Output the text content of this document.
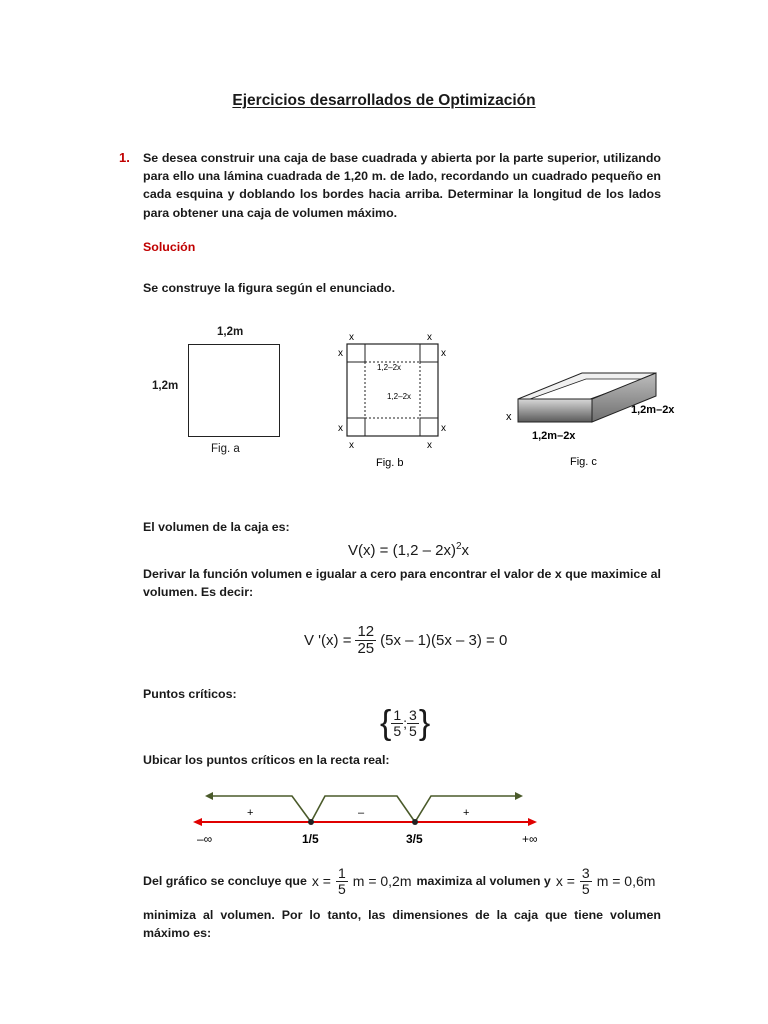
Ejercicios desarrollados de Optimización
1. Se desea construir una caja de base cuadrada y abierta por la parte superior, utilizando para ello una lámina cuadrada de 1,20 m. de lado, recordando un cuadrado pequeño en cada esquina y doblando los bordes hacia arriba. Determinar la longitud de los lados para obtener una caja de volumen máximo.
Solución
Se construye la figura según el enunciado.
1,2m
1,2m
Fig. a
x	x
x	x
x	x
x	x
1,2–2x
1,2–2x
Fig. b
x
1,2m–2x
1,2m–2x
Fig. c
El volumen de la caja es:
V(x) = (1,2 – 2x)$^2$x
Derivar la función volumen e igualar a cero para encontrar el valor de x que maximice al volumen. Es decir:
V '$(x) = \frac{12}{25} (5x - 1)(5x - 3) = 0$
Puntos críticos:
{ $\frac{1}{5}$ ; $\frac{3}{5}$ }
Ubicar los puntos críticos en la recta real:
+	–	+
–∞	1/5	3/5	+∞
Del gráfico se concluye que $x = \frac{1}{5}$ m = 0,2m maximiza al volumen y $x = \frac{3}{5}$ m = 0,6m
minimiza al volumen. Por lo tanto, las dimensiones de la caja que tiene volumen máximo es:
